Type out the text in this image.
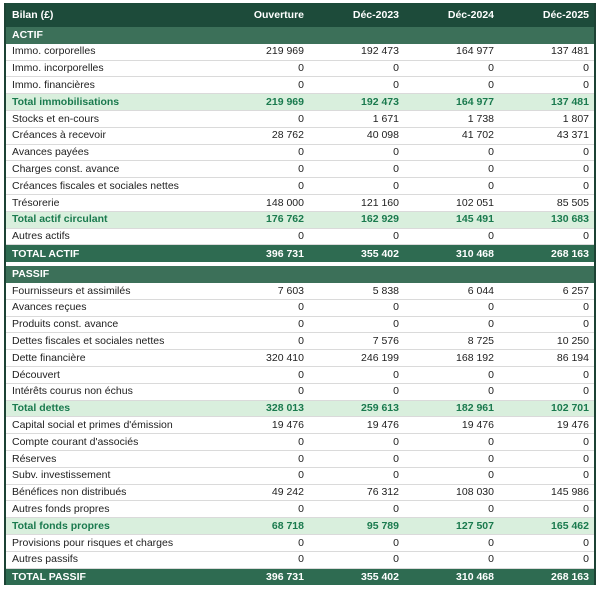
Bilan (£)	Ouverture	Déc-2023	Déc-2024	Déc-2025
ACTIF
Immo. corporelles	219 969	192 473	164 977	137 481
Immo. incorporelles	0	0	0	0
Immo. financières	0	0	0	0
Total immobilisations	219 969	192 473	164 977	137 481
Stocks et en-cours	0	1 671	1 738	1 807
Créances à recevoir	28 762	40 098	41 702	43 371
Avances payées	0	0	0	0
Charges const. avance	0	0	0	0
Créances fiscales et sociales nettes	0	0	0	0
Trésorerie	148 000	121 160	102 051	85 505
Total actif circulant	176 762	162 929	145 491	130 683
Autres actifs	0	0	0	0
TOTAL ACTIF	396 731	355 402	310 468	268 163
PASSIF
Fournisseurs et assimilés	7 603	5 838	6 044	6 257
Avances reçues	0	0	0	0
Produits const. avance	0	0	0	0
Dettes fiscales et sociales nettes	0	7 576	8 725	10 250
Dette financière	320 410	246 199	168 192	86 194
Découvert	0	0	0	0
Intérêts courus non échus	0	0	0	0
Total dettes	328 013	259 613	182 961	102 701
Capital social et primes d'émission	19 476	19 476	19 476	19 476
Compte courant d'associés	0	0	0	0
Réserves	0	0	0	0
Subv. investissement	0	0	0	0
Bénéfices non distribués	49 242	76 312	108 030	145 986
Autres fonds propres	0	0	0	0
Total fonds propres	68 718	95 789	127 507	165 462
Provisions pour risques et charges	0	0	0	0
Autres passifs	0	0	0	0
TOTAL PASSIF	396 731	355 402	310 468	268 163
